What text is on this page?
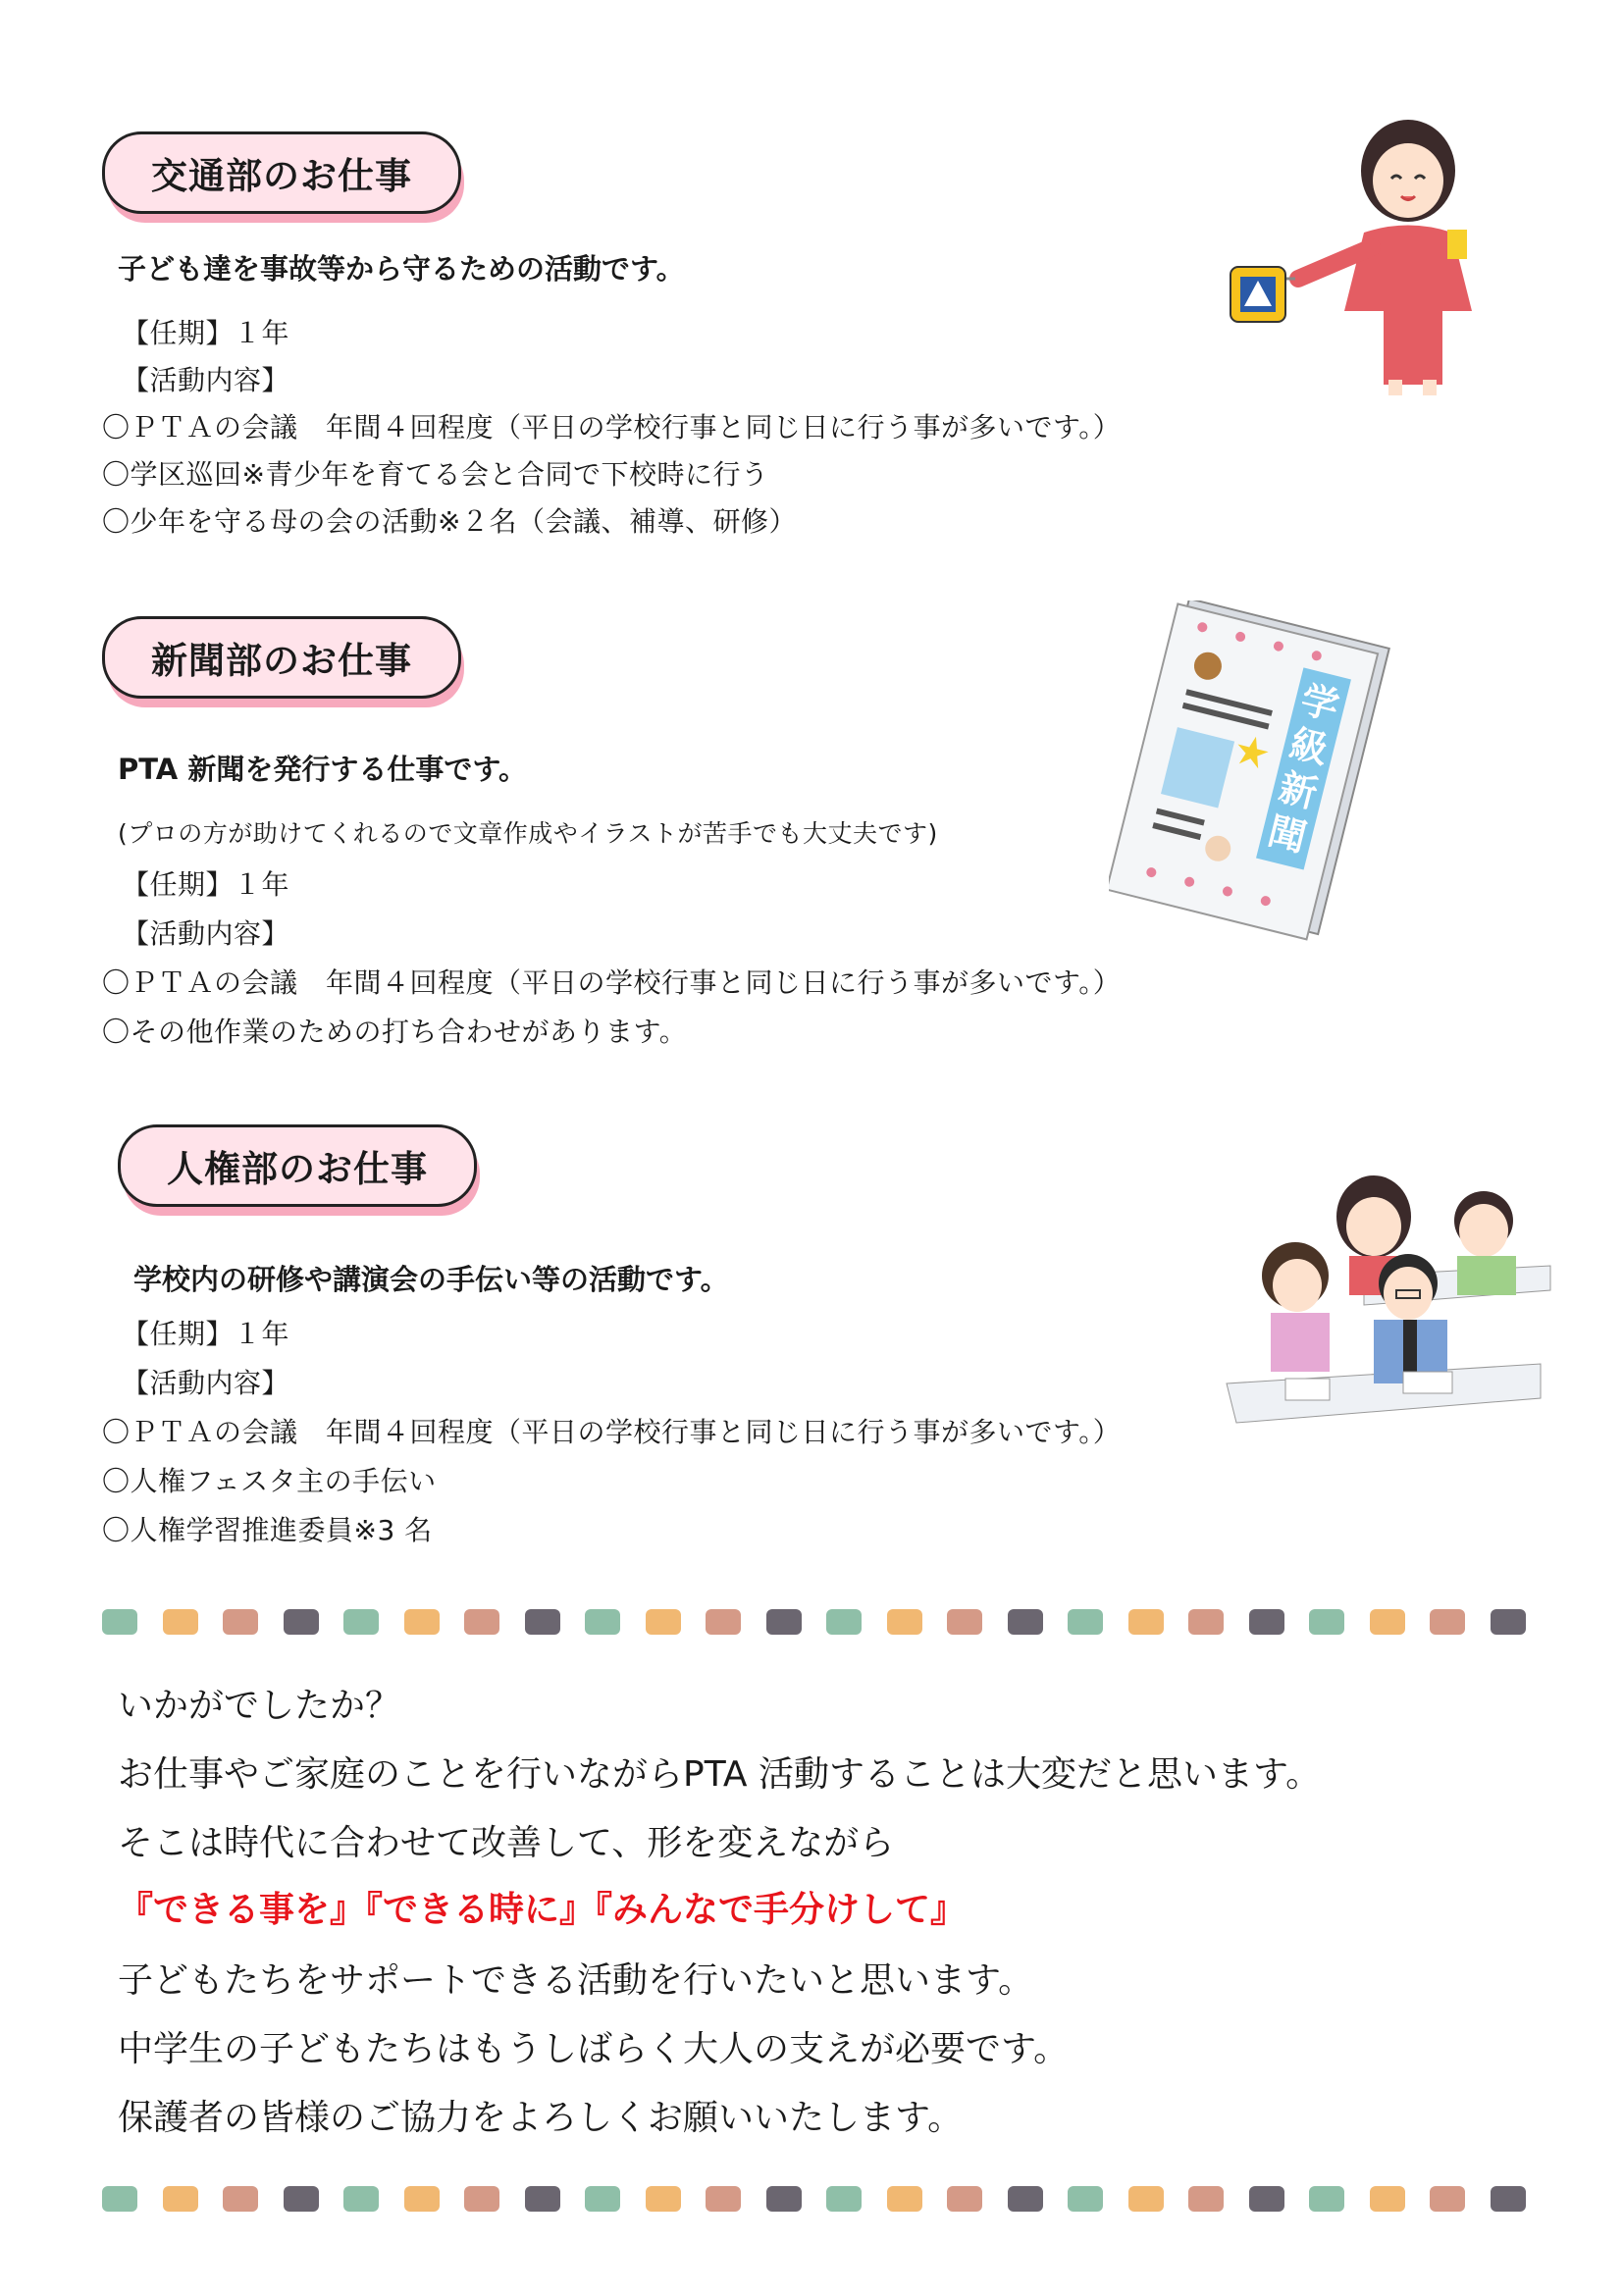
交通部のお仕事
子ども達を事故等から守るための活動です。
【任期】１年
【活動内容】
〇ＰＴＡの会議　年間４回程度（平日の学校行事と同じ日に行う事が多いです。）
〇学区巡回※青少年を育てる会と合同で下校時に行う
〇少年を守る母の会の活動※２名（会議、補導、研修）
新聞部のお仕事
PTA 新聞を発行する仕事です。
(プロの方が助けてくれるので文章作成やイラストが苦手でも大丈夫です)
【任期】１年
【活動内容】
〇ＰＴＡの会議　年間４回程度（平日の学校行事と同じ日に行う事が多いです。）
〇その他作業のための打ち合わせがあります。
学
級
新
聞
人権部のお仕事
学校内の研修や講演会の手伝い等の活動です。
【任期】１年
【活動内容】
〇ＰＴＡの会議　年間４回程度（平日の学校行事と同じ日に行う事が多いです。）
〇人権フェスタ主の手伝い
〇人権学習推進委員※3 名
いかがでしたか？
お仕事やご家庭のことを行いながらPTA 活動することは大変だと思います。
そこは時代に合わせて改善して、形を変えながら
『できる事を』『できる時に』『みんなで手分けして』
子どもたちをサポートできる活動を行いたいと思います。
中学生の子どもたちはもうしばらく大人の支えが必要です。
保護者の皆様のご協力をよろしくお願いいたします。
